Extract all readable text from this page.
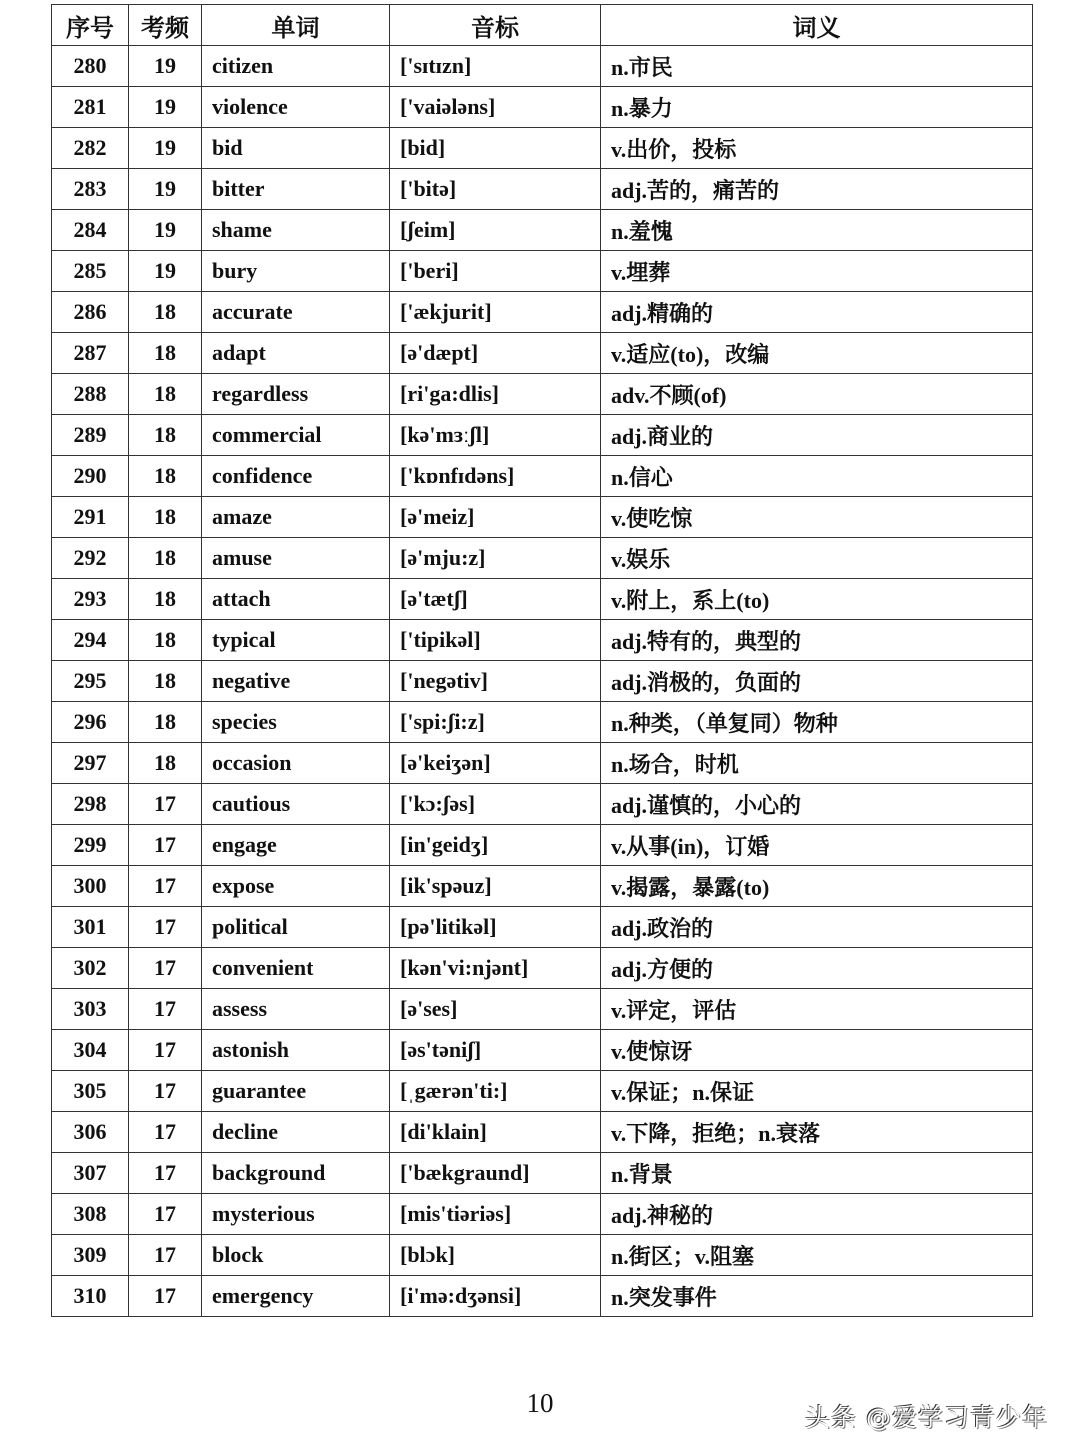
序号	考频	单词	音标	词义
280	19	citizen	['sɪtɪzn]	n.市民
281	19	violence	['vaiələns]	n.暴力
282	19	bid	[bid]	v.出价，投标
283	19	bitter	['bitə]	adj.苦的，痛苦的
284	19	shame	[ʃeim]	n.羞愧
285	19	bury	['beri]	v.埋葬
286	18	accurate	['ækjurit]	adj.精确的
287	18	adapt	[ə'dæpt]	v.适应(to)，改编
288	18	regardless	[ri'ga:dlis]	adv.不顾(of)
289	18	commercial	[kə'mɜːʃl]	adj.商业的
290	18	confidence	['kɒnfɪdəns]	n.信心
291	18	amaze	[ə'meiz]	v.使吃惊
292	18	amuse	[ə'mju:z]	v.娱乐
293	18	attach	[ə'tætʃ]	v.附上，系上(to)
294	18	typical	['tipikəl]	adj.特有的，典型的
295	18	negative	['negətiv]	adj.消极的，负面的
296	18	species	['spi:ʃi:z]	n.种类，（单复同）物种
297	18	occasion	[ə'keiʒən]	n.场合，时机
298	17	cautious	['kɔ:ʃəs]	adj.谨慎的，小心的
299	17	engage	[in'geidʒ]	v.从事(in)，订婚
300	17	expose	[ik'spəuz]	v.揭露，暴露(to)
301	17	political	[pə'litikəl]	adj.政治的
302	17	convenient	[kən'vi:njənt]	adj.方便的
303	17	assess	[ə'ses]	v.评定，评估
304	17	astonish	[əs'təniʃ]	v.使惊讶
305	17	guarantee	[ˌgærən'ti:]	v.保证；n.保证
306	17	decline	[di'klain]	v.下降，拒绝；n.衰落
307	17	background	['bækgraund]	n.背景
308	17	mysterious	[mis'tiəriəs]	adj.神秘的
309	17	block	[blɔk]	n.街区；v.阻塞
310	17	emergency	[i'mə:dʒənsi]	n.突发事件
10	头条 @爱学习青少年
